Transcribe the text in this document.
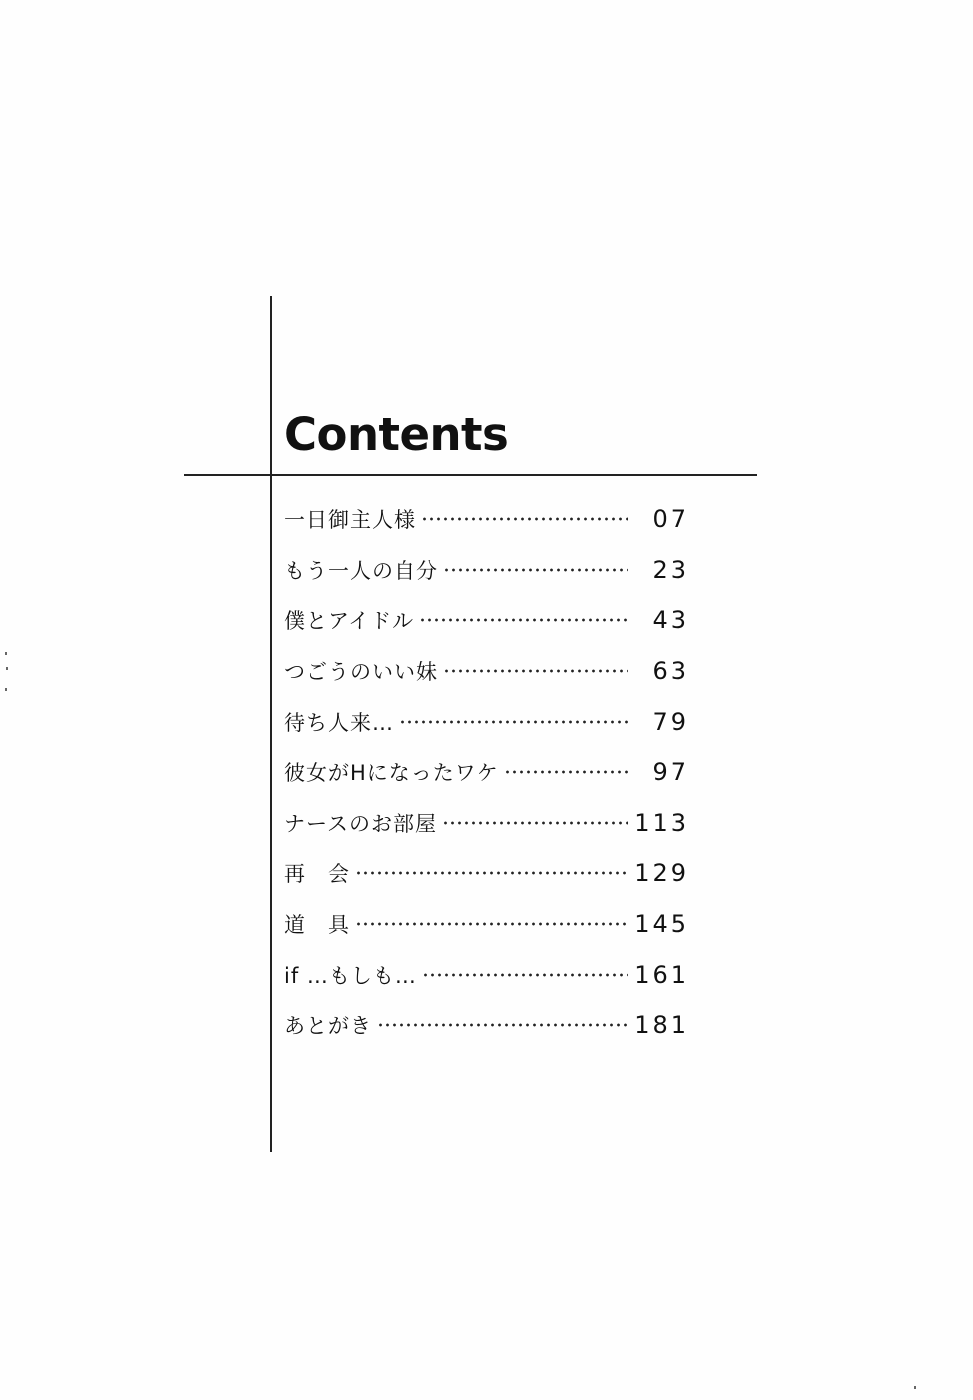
Contents
一日御主人様	07
もう一人の自分	23
僕とアイドル	43
つごうのいい妹	63
待ち人来…	79
彼女がHになったワケ	97
ナースのお部屋	113
再　会	129
道　具	145
if …もしも…	161
あとがき	181
